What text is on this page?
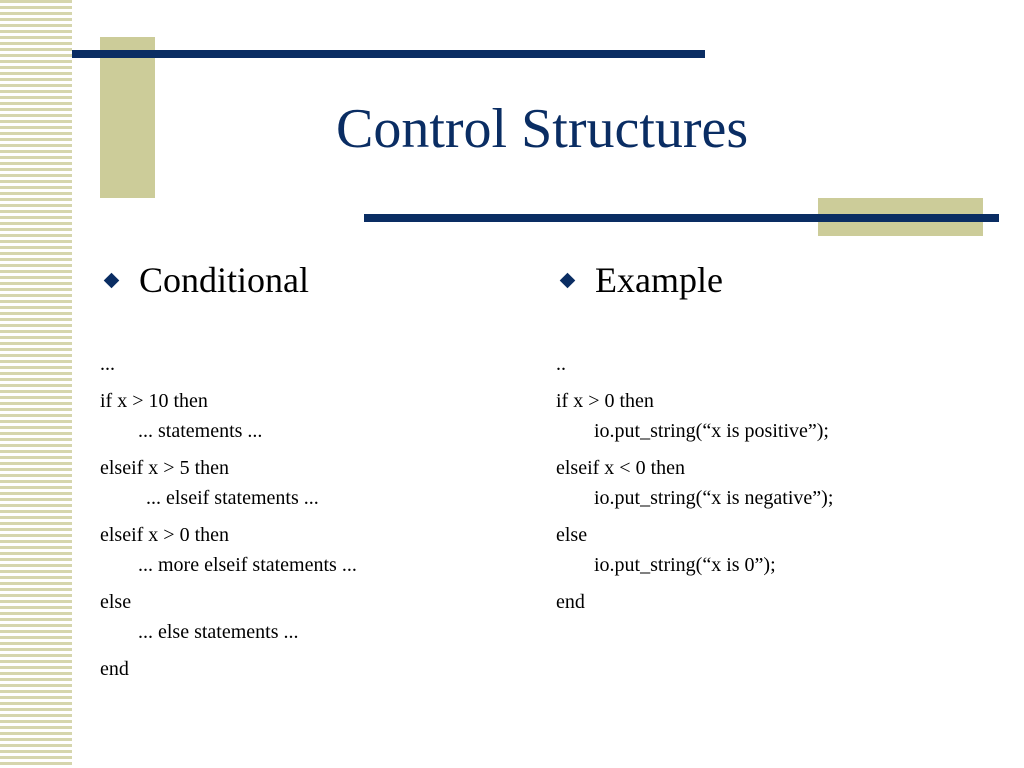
Control Structures
Conditional
...
if x > 10 then
... statements ...
elseif x > 5 then
... elseif statements ...
elseif x > 0 then
... more elseif statements ...
else
... else statements ...
end
Example
..
if x > 0 then
io.put_string(“x is positive”);
elseif x < 0 then
io.put_string(“x is negative”);
else
io.put_string(“x is 0”);
end
